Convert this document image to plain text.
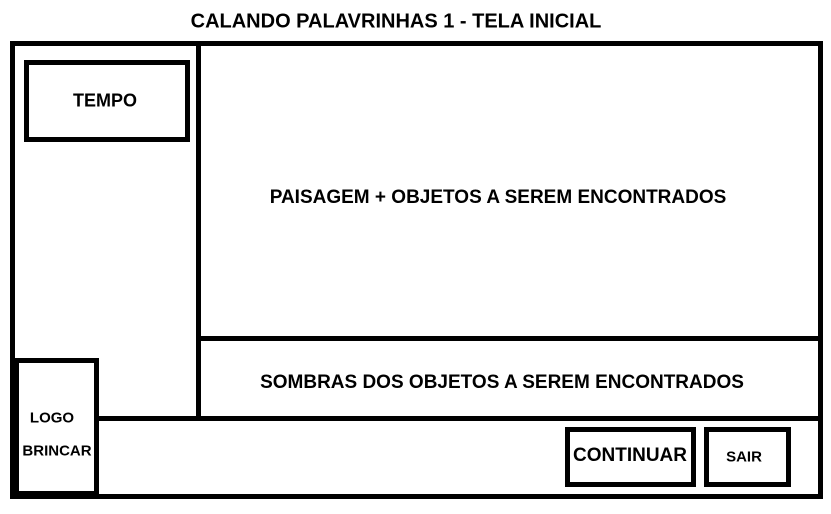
CALANDO PALAVRINHAS 1 - TELA INICIAL
TEMPO
PAISAGEM + OBJETOS A SEREM ENCONTRADOS
SOMBRAS DOS OBJETOS A SEREM ENCONTRADOS
LOGO
BRINCAR	CONTINUAR	SAIR
